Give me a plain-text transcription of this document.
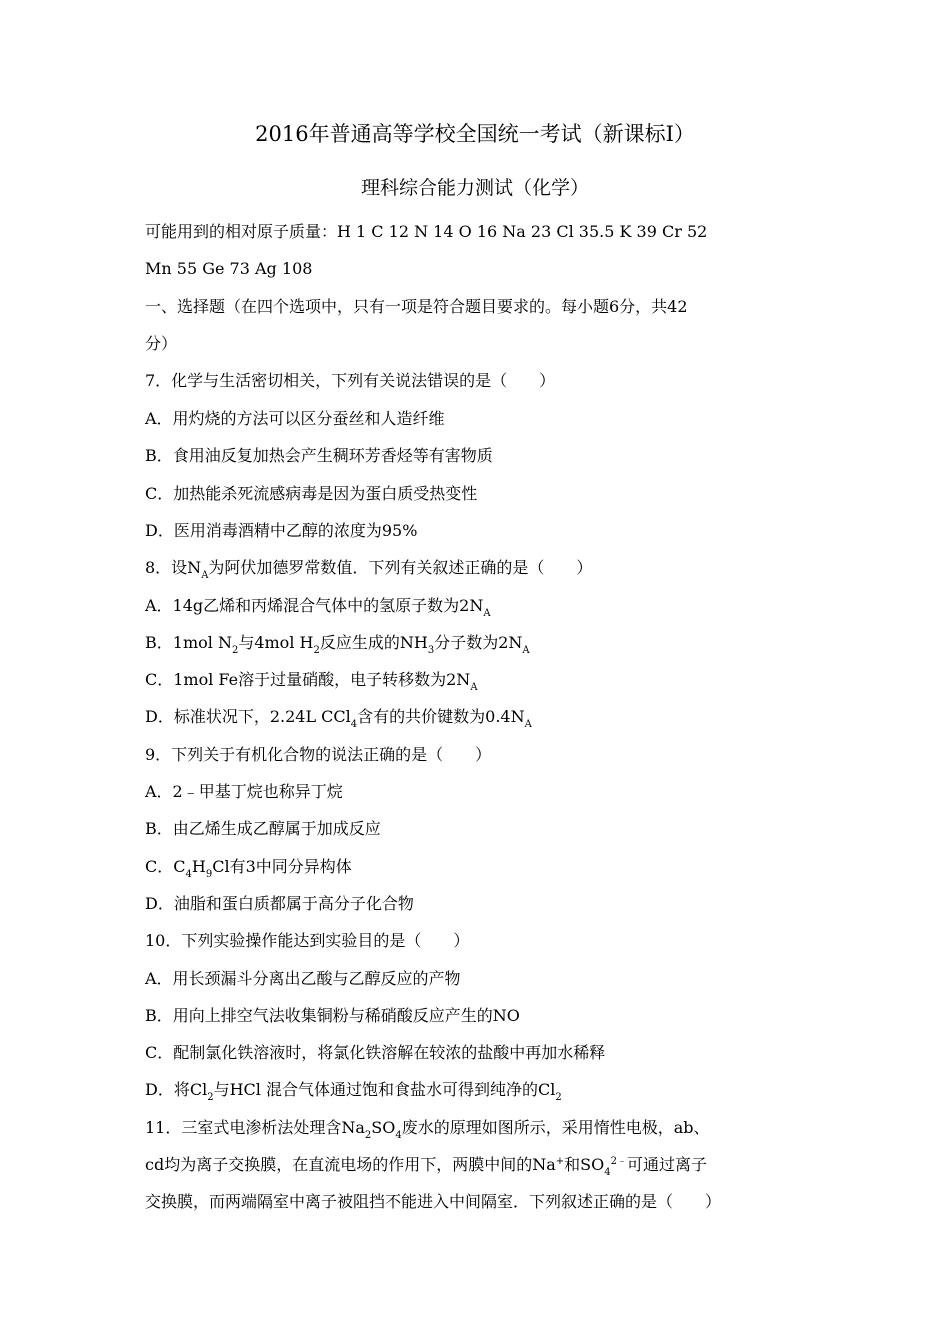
2016年普通高等学校全国统一考试（新课标Ⅰ）
理科综合能力测试（化学）
可能用到的相对原子质量：H 1 C 12 N 14 O 16 Na 23 Cl 35.5 K 39 Cr 52
Mn 55 Ge 73 Ag 108
一、选择题（在四个选项中，只有一项是符合题目要求的。每小题6分，共42
分）
7．化学与生活密切相关，下列有关说法错误的是（　　）
A．用灼烧的方法可以区分蚕丝和人造纤维
B．食用油反复加热会产生稠环芳香烃等有害物质
C．加热能杀死流感病毒是因为蛋白质受热变性
D．医用消毒酒精中乙醇的浓度为95%
8．设$N_A$为阿伏加德罗常数值．下列有关叙述正确的是（　　）
A．14g乙烯和丙烯混合气体中的氢原子数为$2N_A$
B．1mol $N_2$与4mol $H_2$反应生成的$NH_3$分子数为$2N_A$
C．1mol Fe溶于过量硝酸，电子转移数为$2N_A$
D．标准状况下，2.24L CCl$_4$含有的共价键数为$0.4N_A$
9．下列关于有机化合物的说法正确的是（　　）
A．2﹣甲基丁烷也称异丁烷
B．由乙烯生成乙醇属于加成反应
C．$C_4H_9Cl$有3中同分异构体
D．油脂和蛋白质都属于高分子化合物
10．下列实验操作能达到实验目的是（　　）
A．用长颈漏斗分离出乙酸与乙醇反应的产物
B．用向上排空气法收集铜粉与稀硝酸反应产生的NO
C．配制氯化铁溶液时，将氯化铁溶解在较浓的盐酸中再加水稀释
D．将$Cl_2$与HCl 混合气体通过饱和食盐水可得到纯净的$Cl_2$
11．三室式电渗析法处理含$Na_2SO_4$废水的原理如图所示，采用惰性电极，ab、
cd均为离子交换膜，在直流电场的作用下，两膜中间的Na+和$SO_4^{2﹣}$可通过离子
交换膜，而两端隔室中离子被阻挡不能进入中间隔室．下列叙述正确的是（　　）
